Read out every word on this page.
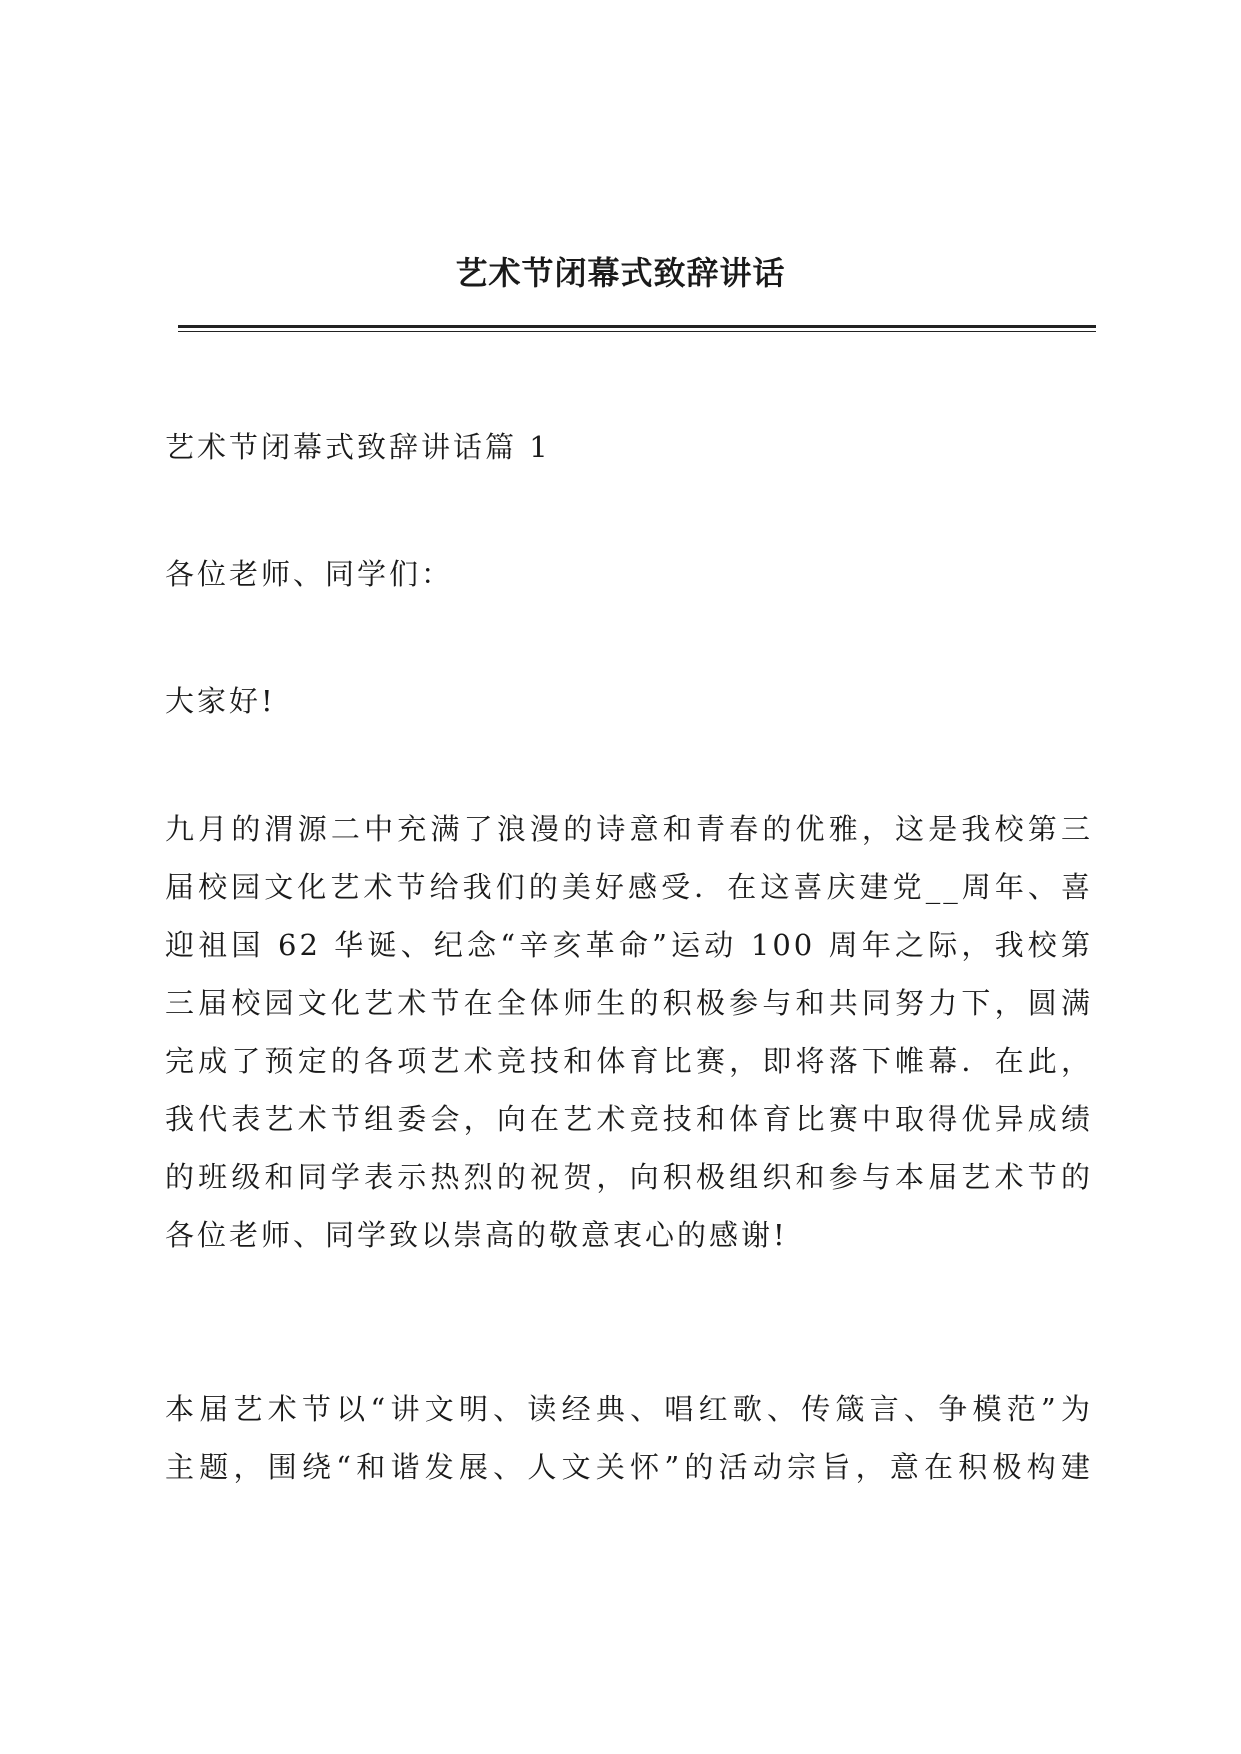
艺术节闭幕式致辞讲话
艺术节闭幕式致辞讲话篇 1
各位老师、同学们：
大家好!
九月的渭源二中充满了浪漫的诗意和青春的优雅，这是我校第三
届校园文化艺术节给我们的美好感受．在这喜庆建党__周年、喜
迎祖国 62 华诞、纪念“辛亥革命”运动 100 周年之际，我校第
三届校园文化艺术节在全体师生的积极参与和共同努力下，圆满
完成了预定的各项艺术竞技和体育比赛，即将落下帷幕．在此，
我代表艺术节组委会，向在艺术竞技和体育比赛中取得优异成绩
的班级和同学表示热烈的祝贺，向积极组织和参与本届艺术节的
各位老师、同学致以崇高的敬意衷心的感谢!
本届艺术节以“讲文明、读经典、唱红歌、传箴言、争模范”为
主题，围绕“和谐发展、人文关怀”的活动宗旨，意在积极构建
